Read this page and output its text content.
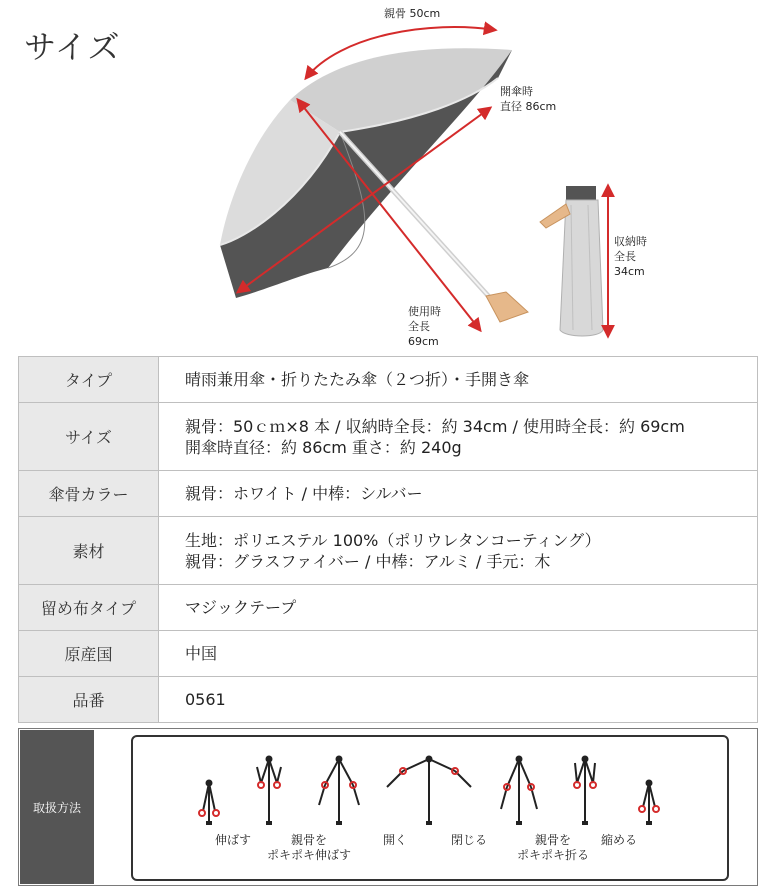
サイズ
親骨 50cm
開傘時
直径 86cm
収納時
全長
34cm
使用時
全長
69cm
タイプ	晴雨兼用傘・折りたたみ傘（２つ折）・手開き傘

サイズ	親骨：50ｃｍ×8 本 / 収納時全長：約 34cm / 使用時全長：約 69cm
開傘時直径：約 86cm 重さ：約 240g

傘骨カラー	親骨：ホワイト / 中棒：シルバー

素材	生地：ポリエステル 100%（ポリウレタンコーティング）
親骨：グラスファイバー / 中棒：アルミ / 手元：木

留め布タイプ	マジックテープ

原産国	中国

品番	0561
取扱方法
伸ばす	親骨を
ポキポキ伸ばす
開く	閉じる	親骨を
ポキポキ折る
縮める
